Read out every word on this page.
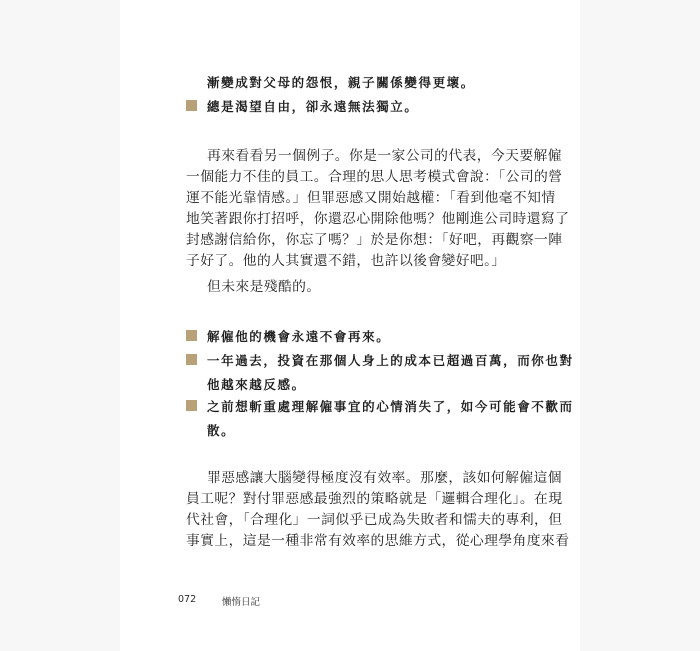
漸變成對父母的怨恨，親子關係變得更壞。
總是渴望自由，卻永遠無法獨立。
再來看看另一個例子。你是一家公司的代表，今天要解僱
一個能力不佳的員工。合理的思人思考模式會說：「公司的營
運不能光靠情感。」但罪惡感又開始越權：「看到他毫不知情
地笑著跟你打招呼，你還忍心開除他嗎？他剛進公司時還寫了
封感謝信給你，你忘了嗎？」於是你想：「好吧，再觀察一陣
子好了。他的人其實還不錯，也許以後會變好吧。」
但未來是殘酷的。
解僱他的機會永遠不會再來。
一年過去，投資在那個人身上的成本已超過百萬，而你也對
他越來越反感。
之前想斬重處理解僱事宜的心情消失了，如今可能會不歡而
散。
罪惡感讓大腦變得極度沒有效率。那麼，該如何解僱這個
員工呢？對付罪惡感最強烈的策略就是「邏輯合理化」。在現
代社會，「合理化」一詞似乎已成為失敗者和懦夫的專利，但
事實上，這是一種非常有效率的思維方式，從心理學角度來看
072	懶惰日記
